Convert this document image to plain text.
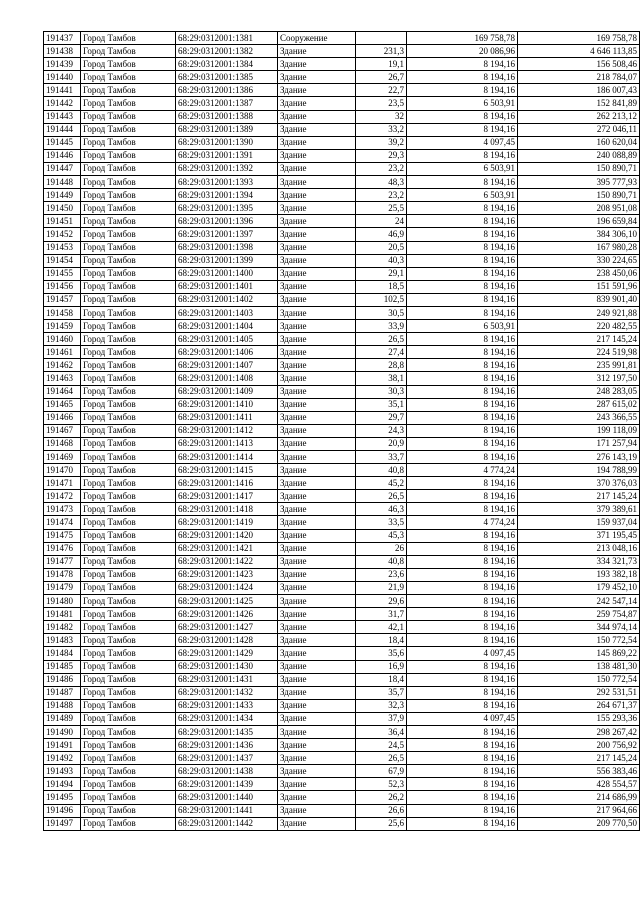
191437	Город Тамбов	68:29:0312001:1381	Сооружение		169 758,78	169 758,78
191438	Город Тамбов	68:29:0312001:1382	Здание	231,3	20 086,96	4 646 113,85
191439	Город Тамбов	68:29:0312001:1384	Здание	19,1	8 194,16	156 508,46
191440	Город Тамбов	68:29:0312001:1385	Здание	26,7	8 194,16	218 784,07
191441	Город Тамбов	68:29:0312001:1386	Здание	22,7	8 194,16	186 007,43
191442	Город Тамбов	68:29:0312001:1387	Здание	23,5	6 503,91	152 841,89
191443	Город Тамбов	68:29:0312001:1388	Здание	32	8 194,16	262 213,12
191444	Город Тамбов	68:29:0312001:1389	Здание	33,2	8 194,16	272 046,11
191445	Город Тамбов	68:29:0312001:1390	Здание	39,2	4 097,45	160 620,04
191446	Город Тамбов	68:29:0312001:1391	Здание	29,3	8 194,16	240 088,89
191447	Город Тамбов	68:29:0312001:1392	Здание	23,2	6 503,91	150 890,71
191448	Город Тамбов	68:29:0312001:1393	Здание	48,3	8 194,16	395 777,93
191449	Город Тамбов	68:29:0312001:1394	Здание	23,2	6 503,91	150 890,71
191450	Город Тамбов	68:29:0312001:1395	Здание	25,5	8 194,16	208 951,08
191451	Город Тамбов	68:29:0312001:1396	Здание	24	8 194,16	196 659,84
191452	Город Тамбов	68:29:0312001:1397	Здание	46,9	8 194,16	384 306,10
191453	Город Тамбов	68:29:0312001:1398	Здание	20,5	8 194,16	167 980,28
191454	Город Тамбов	68:29:0312001:1399	Здание	40,3	8 194,16	330 224,65
191455	Город Тамбов	68:29:0312001:1400	Здание	29,1	8 194,16	238 450,06
191456	Город Тамбов	68:29:0312001:1401	Здание	18,5	8 194,16	151 591,96
191457	Город Тамбов	68:29:0312001:1402	Здание	102,5	8 194,16	839 901,40
191458	Город Тамбов	68:29:0312001:1403	Здание	30,5	8 194,16	249 921,88
191459	Город Тамбов	68:29:0312001:1404	Здание	33,9	6 503,91	220 482,55
191460	Город Тамбов	68:29:0312001:1405	Здание	26,5	8 194,16	217 145,24
191461	Город Тамбов	68:29:0312001:1406	Здание	27,4	8 194,16	224 519,98
191462	Город Тамбов	68:29:0312001:1407	Здание	28,8	8 194,16	235 991,81
191463	Город Тамбов	68:29:0312001:1408	Здание	38,1	8 194,16	312 197,50
191464	Город Тамбов	68:29:0312001:1409	Здание	30,3	8 194,16	248 283,05
191465	Город Тамбов	68:29:0312001:1410	Здание	35,1	8 194,16	287 615,02
191466	Город Тамбов	68:29:0312001:1411	Здание	29,7	8 194,16	243 366,55
191467	Город Тамбов	68:29:0312001:1412	Здание	24,3	8 194,16	199 118,09
191468	Город Тамбов	68:29:0312001:1413	Здание	20,9	8 194,16	171 257,94
191469	Город Тамбов	68:29:0312001:1414	Здание	33,7	8 194,16	276 143,19
191470	Город Тамбов	68:29:0312001:1415	Здание	40,8	4 774,24	194 788,99
191471	Город Тамбов	68:29:0312001:1416	Здание	45,2	8 194,16	370 376,03
191472	Город Тамбов	68:29:0312001:1417	Здание	26,5	8 194,16	217 145,24
191473	Город Тамбов	68:29:0312001:1418	Здание	46,3	8 194,16	379 389,61
191474	Город Тамбов	68:29:0312001:1419	Здание	33,5	4 774,24	159 937,04
191475	Город Тамбов	68:29:0312001:1420	Здание	45,3	8 194,16	371 195,45
191476	Город Тамбов	68:29:0312001:1421	Здание	26	8 194,16	213 048,16
191477	Город Тамбов	68:29:0312001:1422	Здание	40,8	8 194,16	334 321,73
191478	Город Тамбов	68:29:0312001:1423	Здание	23,6	8 194,16	193 382,18
191479	Город Тамбов	68:29:0312001:1424	Здание	21,9	8 194,16	179 452,10
191480	Город Тамбов	68:29:0312001:1425	Здание	29,6	8 194,16	242 547,14
191481	Город Тамбов	68:29:0312001:1426	Здание	31,7	8 194,16	259 754,87
191482	Город Тамбов	68:29:0312001:1427	Здание	42,1	8 194,16	344 974,14
191483	Город Тамбов	68:29:0312001:1428	Здание	18,4	8 194,16	150 772,54
191484	Город Тамбов	68:29:0312001:1429	Здание	35,6	4 097,45	145 869,22
191485	Город Тамбов	68:29:0312001:1430	Здание	16,9	8 194,16	138 481,30
191486	Город Тамбов	68:29:0312001:1431	Здание	18,4	8 194,16	150 772,54
191487	Город Тамбов	68:29:0312001:1432	Здание	35,7	8 194,16	292 531,51
191488	Город Тамбов	68:29:0312001:1433	Здание	32,3	8 194,16	264 671,37
191489	Город Тамбов	68:29:0312001:1434	Здание	37,9	4 097,45	155 293,36
191490	Город Тамбов	68:29:0312001:1435	Здание	36,4	8 194,16	298 267,42
191491	Город Тамбов	68:29:0312001:1436	Здание	24,5	8 194,16	200 756,92
191492	Город Тамбов	68:29:0312001:1437	Здание	26,5	8 194,16	217 145,24
191493	Город Тамбов	68:29:0312001:1438	Здание	67,9	8 194,16	556 383,46
191494	Город Тамбов	68:29:0312001:1439	Здание	52,3	8 194,16	428 554,57
191495	Город Тамбов	68:29:0312001:1440	Здание	26,2	8 194,16	214 686,99
191496	Город Тамбов	68:29:0312001:1441	Здание	26,6	8 194,16	217 964,66
191497	Город Тамбов	68:29:0312001:1442	Здание	25,6	8 194,16	209 770,50
